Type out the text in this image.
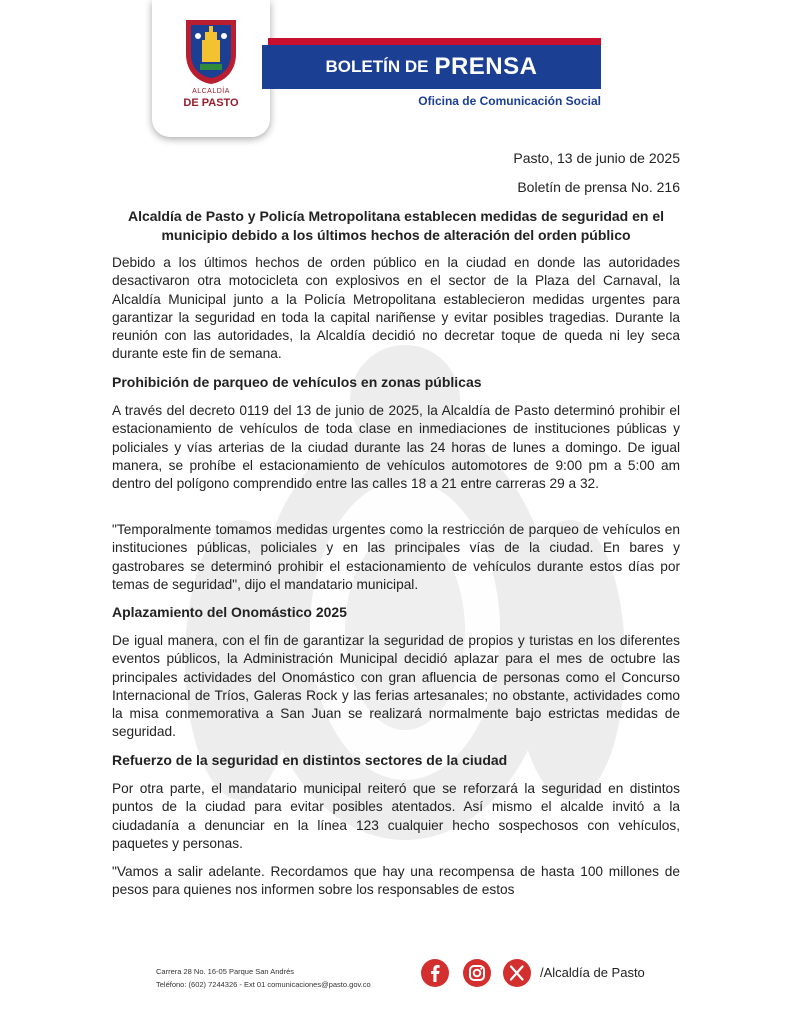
ALCALDÍA
DE PASTO
BOLETÍN DE PRENSA
Oficina de Comunicación Social
Pasto, 13 de junio de 2025
Boletín de prensa No. 216
Alcaldía de Pasto y Policía Metropolitana establecen medidas de seguridad en el municipio debido a los últimos hechos de alteración del orden público
Debido a los últimos hechos de orden público en la ciudad en donde las autoridades desactivaron otra motocicleta con explosivos en el sector de la Plaza del Carnaval, la Alcaldía Municipal junto a la Policía Metropolitana establecieron medidas urgentes para garantizar la seguridad en toda la capital nariñense y evitar posibles tragedias. Durante la reunión con las autoridades, la Alcaldía decidió no decretar toque de queda ni ley seca durante este fin de semana.
Prohibición de parqueo de vehículos en zonas públicas
A través del decreto 0119 del 13 de junio de 2025, la Alcaldía de Pasto determinó prohibir el estacionamiento de vehículos de toda clase en inmediaciones de instituciones públicas y policiales y vías arterias de la ciudad durante las 24 horas de lunes a domingo. De igual manera, se prohíbe el estacionamiento de vehículos automotores de 9:00 pm a 5:00 am dentro del polígono comprendido entre las calles 18 a 21 entre carreras 29 a 32.
"Temporalmente tomamos medidas urgentes como la restricción de parqueo de vehículos en instituciones públicas, policiales y en las principales vías de la ciudad. En bares y gastrobares se determinó prohibir el estacionamiento de vehículos durante estos días por temas de seguridad", dijo el mandatario municipal.
Aplazamiento del Onomástico 2025
De igual manera, con el fin de garantizar la seguridad de propios y turistas en los diferentes eventos públicos, la Administración Municipal decidió aplazar para el mes de octubre las principales actividades del Onomástico con gran afluencia de personas como el Concurso Internacional de Tríos, Galeras Rock y las ferias artesanales; no obstante, actividades como la misa conmemorativa a San Juan se realizará normalmente bajo estrictas medidas de seguridad.
Refuerzo de la seguridad en distintos sectores de la ciudad
Por otra parte, el mandatario municipal reiteró que se reforzará la seguridad en distintos puntos de la ciudad para evitar posibles atentados. Así mismo el alcalde invitó a la ciudadanía a denunciar en la línea 123 cualquier hecho sospechosos con vehículos, paquetes y personas.
"Vamos a salir adelante. Recordamos que hay una recompensa de hasta 100 millones de pesos para quienes nos informen sobre los responsables de estos
Carrera 28 No. 16-05 Parque San Andrés
Teléfono: (602) 7244326 - Ext 01 comunicaciones@pasto.gov.co
/Alcaldía de Pasto
